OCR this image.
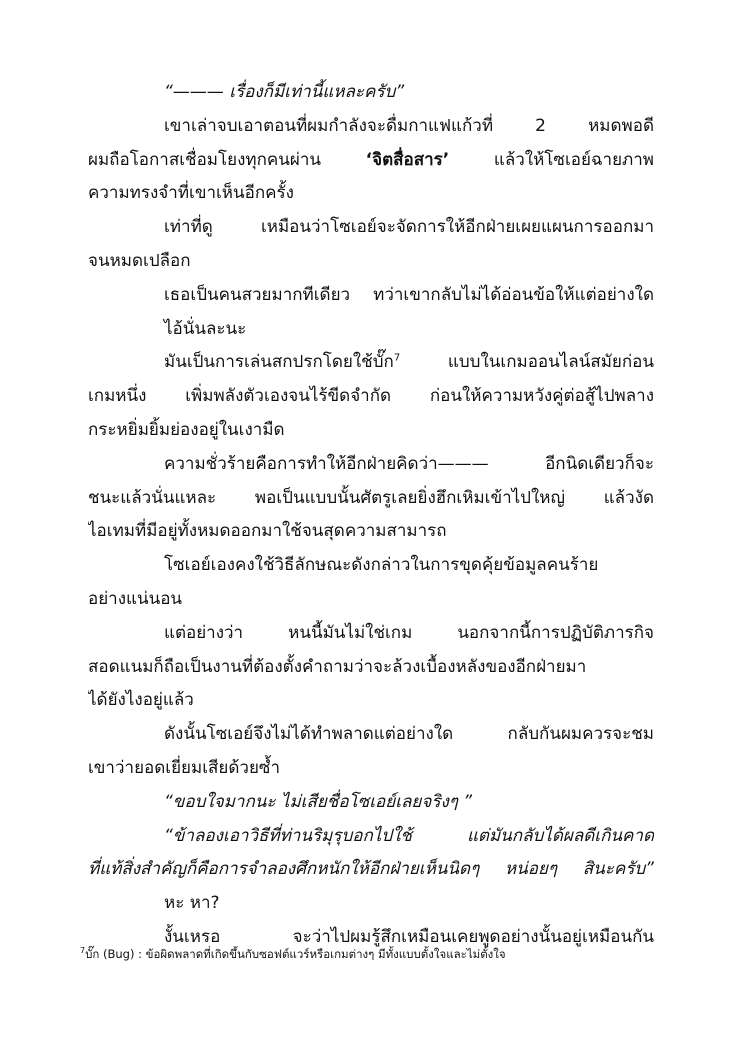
“——— เรื่องก็มีเท่านี้แหละครับ”
เขาเล่าจบเอาตอนที่ผมกำลังจะดื่มกาแฟแก้วที่ 2 หมดพอดี
ผมถือโอกาสเชื่อมโยงทุกคนผ่าน	‘จิตสื่อสาร’	แล้วให้โซเอย์ฉายภาพ
ความทรงจำที่เขาเห็นอีกครั้ง
เท่าที่ดู เหมือนว่าโซเอย์จะจัดการให้อีกฝ่ายเผยแผนการออกมา
จนหมดเปลือก
เธอเป็นคนสวยมากทีเดียว ทว่าเขากลับไม่ได้อ่อนข้อให้แต่อย่างใด
ไอ้นั่นละนะ
มันเป็นการเล่นสกปรกโดยใช้บั๊ก$^7$ แบบในเกมออนไลน์สมัยก่อน
เกมหนึ่ง เพิ่มพลังตัวเองจนไร้ขีดจำกัด ก่อนให้ความหวังคู่ต่อสู้ไปพลาง
กระหยิ่มยิ้มย่องอยู่ในเงามืด
ความชั่วร้ายคือการทำให้อีกฝ่ายคิดว่า——— อีกนิดเดียวก็จะ
ชนะแล้วนั่นแหละ พอเป็นแบบนั้นศัตรูเลยยิ่งฮึกเหิมเข้าไปใหญ่ แล้วงัด
ไอเทมที่มีอยู่ทั้งหมดออกมาใช้จนสุดความสามารถ
โซเอย์เองคงใช้วิธีลักษณะดังกล่าวในการขุดคุ้ยข้อมูลคนร้าย
อย่างแน่นอน
แต่อย่างว่า หนนี้มันไม่ใช่เกม นอกจากนี้การปฏิบัติภารกิจ
สอดแนมก็ถือเป็นงานที่ต้องตั้งคำถามว่าจะล้วงเบื้องหลังของอีกฝ่ายมา
ได้ยังไงอยู่แล้ว
ดังนั้นโซเอย์จึงไม่ได้ทำพลาดแต่อย่างใด กลับกันผมควรจะชม
เขาว่ายอดเยี่ยมเสียด้วยซ้ำ
“ขอบใจมากนะ ไม่เสียชื่อโซเอย์เลยจริงๆ ”
“ข้าลองเอาวิธีที่ท่านริมุรุบอกไปใช้ แต่มันกลับได้ผลดีเกินคาด
ที่แท้สิ่งสำคัญก็คือการจำลองศึกหนักให้อีกฝ่ายเห็นนิดๆ หน่อยๆ สินะครับ”
หะ หา?
งั้นเหรอ จะว่าไปผมรู้สึกเหมือนเคยพูดอย่างนั้นอยู่เหมือนกัน
$^7$บั๊ก (Bug) : ข้อผิดพลาดที่เกิดขึ้นกับซอฟต์แวร์หรือเกมต่างๆ มีทั้งแบบตั้งใจและไม่ตั้งใจ
